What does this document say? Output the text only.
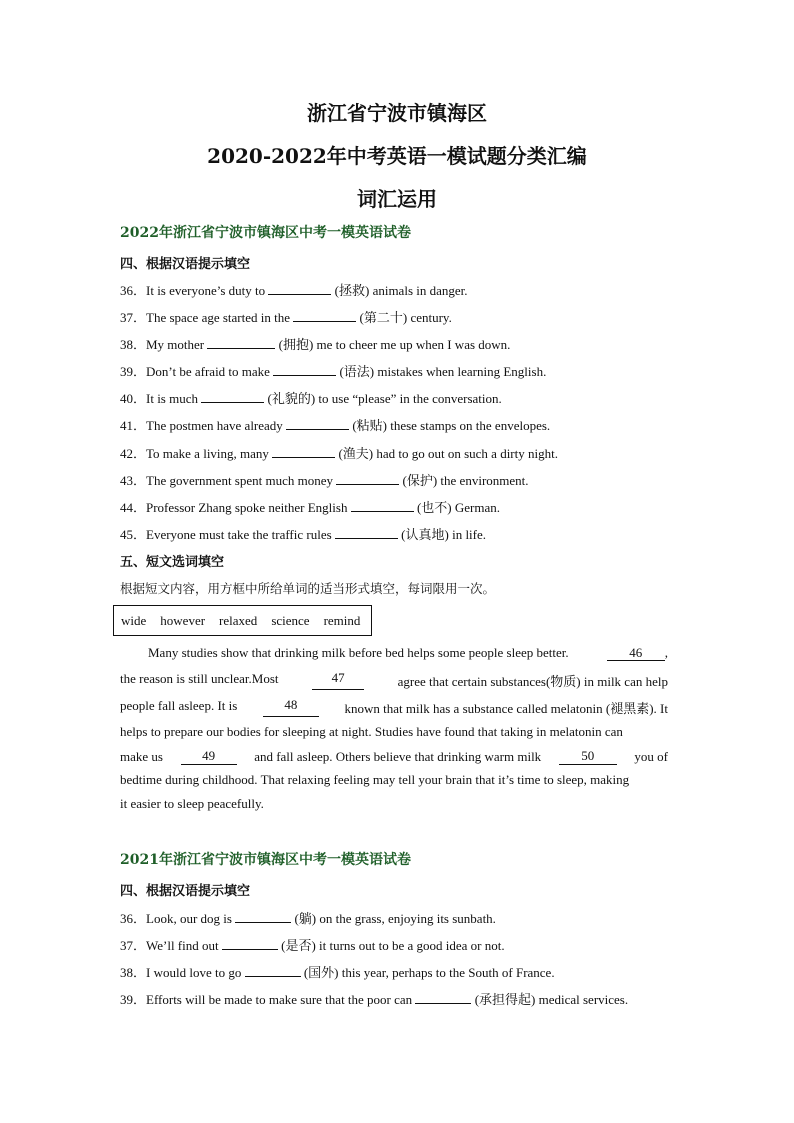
浙江省宁波市镇海区
2020-2022年中考英语一模试题分类汇编
词汇运用
2022年浙江省宁波市镇海区中考一模英语试卷
四、根据汉语提示填空
36．It is everyone’s duty to	(拯救) animals in danger.
37．The space age started in the	(第二十) century.
38．My mother	(拥抱) me to cheer me up when I was down.
39．Don’t be afraid to make	(语法) mistakes when learning English.
40．It is much	(礼貌的) to use “please” in the conversation.
41．The postmen have already	(粘贴) these stamps on the envelopes.
42．To make a living, many	(渔夫) had to go out on such a dirty night.
43．The government spent much money	(保护) the environment.
44．Professor Zhang spoke neither English	(也不) German.
45．Everyone must take the traffic rules	(认真地) in life.
五、短文选词填空
根据短文内容，用方框中所给单词的适当形式填空，每词限用一次。
wide however relaxed science remind
Many studies show that drinking milk before bed helps some people sleep better.	46 ,
the reason is still unclear.Most	47	agree that certain substances(物质) in milk can help
people fall asleep. It is	48	known that milk has a substance called melatonin (褪黑素). It
helps to prepare our bodies for sleeping at night. Studies have found that taking in melatonin can
make us	49	and fall asleep. Others believe that drinking warm milk	50	you of
bedtime during childhood. That relaxing feeling may tell your brain that it’s time to sleep, making
it easier to sleep peacefully.
2021年浙江省宁波市镇海区中考一模英语试卷
四、根据汉语提示填空
36．Look, our dog is	(躺) on the grass, enjoying its sunbath.
37．We’ll find out	(是否) it turns out to be a good idea or not.
38．I would love to go	(国外) this year, perhaps to the South of France.
39．Efforts will be made to make sure that the poor can	(承担得起) medical services.
